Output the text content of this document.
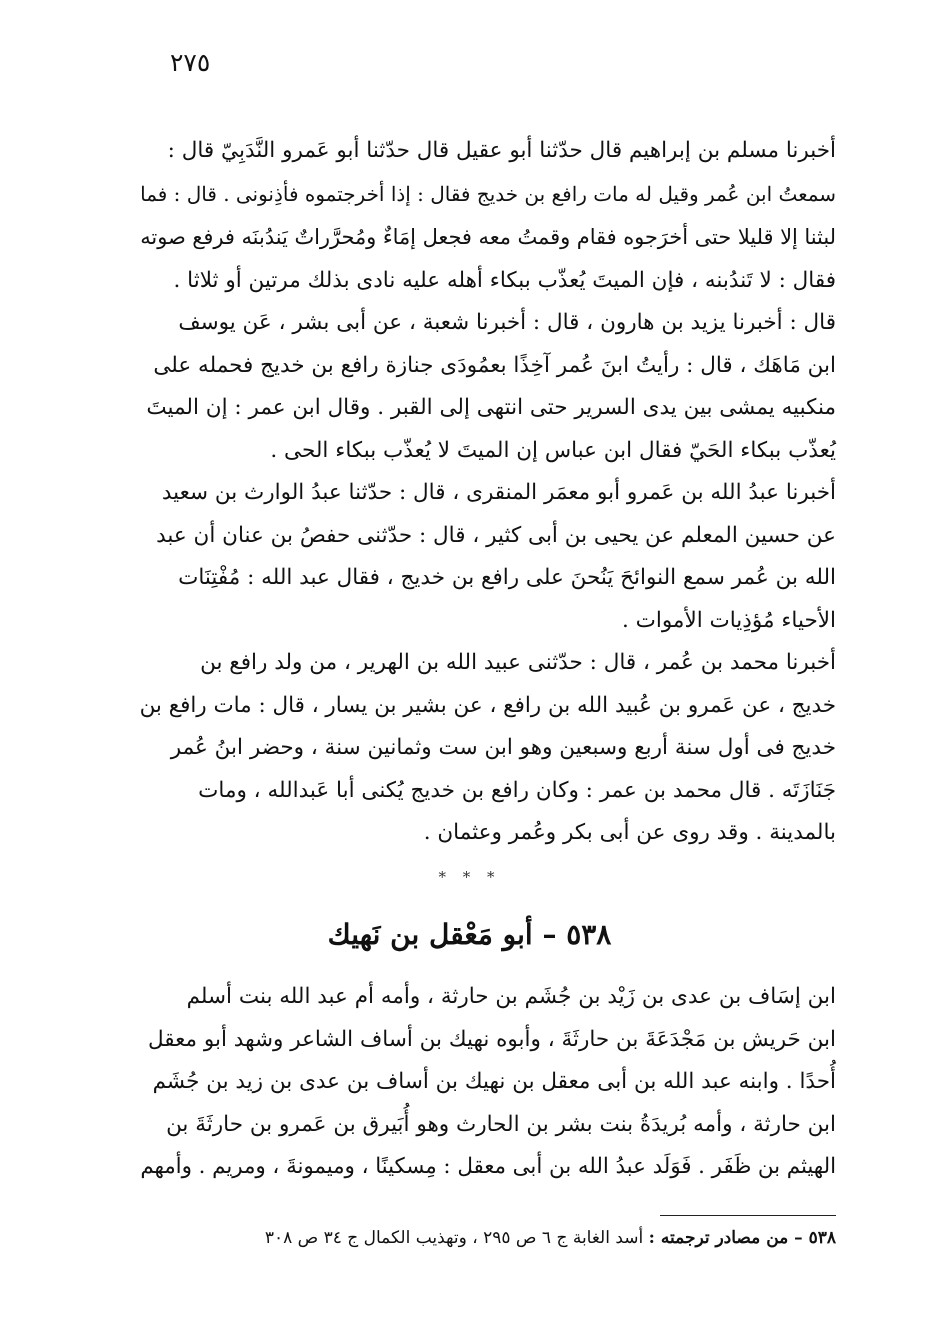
٢٧٥

أخبرنا مسلم بن إبراهيم قال حدّثنا أبو عقيل قال حدّثنا أبو عَمرو النَّدَبِيّ قال :
سمعتُ ابن عُمر وقيل له مات رافع بن خديج فقال : إذا أخرجتموه فأذِنونى . قال : فما
لبثنا إلا قليلا حتى أخرَجوه فقام وقمتُ معه فجعل إمَاءٌ ومُحرَّراتٌ يَندُبنَه فرفع صوته
فقال : لا تَندُبنه ، فإن الميتَ يُعذّب ببكاء أهله عليه نادى بذلك مرتين أو ثلاثا .

قال : أخبرنا يزيد بن هارون ، قال : أخبرنا شعبة ، عن أبى بشر ، عَن يوسف
ابن مَاهَك ، قال : رأيتُ ابنَ عُمر آخِذًا بعمُودَى جنازة رافع بن خديج فحمله على
منكبيه يمشى بين يدى السرير حتى انتهى إلى القبر . وقال ابن عمر : إن الميتَ
يُعذّب ببكاء الحَيّ فقال ابن عباس إن الميتَ لا يُعذّب ببكاء الحى .

أخبرنا عبدُ الله بن عَمرو أبو معمَر المنقرى ، قال : حدّثنا عبدُ الوارث بن سعيد
عن حسين المعلم عن يحيى بن أبى كثير ، قال : حدّثنى حفصُ بن عنان أن عبد
الله بن عُمر سمع النوائحَ يَنُحنَ على رافع بن خديج ، فقال عبد الله : مُفْتِنَات
الأحياء مُؤذِيات الأموات .

أخبرنا محمد بن عُمر ، قال : حدّثنى عبيد الله بن الهرير ، من ولد رافع بن
خديج ، عن عَمرو بن عُبيد الله بن رافع ، عن بشير بن يسار ، قال : مات رافع بن
خديج فى أول سنة أربع وسبعين وهو ابن ست وثمانين سنة ، وحضر ابنُ عُمر
جَنَازَتَه . قال محمد بن عمر : وكان رافع بن خديج يُكنى أبا عَبدالله ، ومات
بالمدينة . وقد روى عن أبى بكر وعُمر وعثمان .

* * *
٥٣٨ – أبو مَعْقل بن نَهيك

ابن إسَاف بن عدى بن زَيْد بن جُشَم بن حارثة ، وأمه أم عبد الله بنت أسلم
ابن حَريش بن مَجْدَعَةَ بن حارثَةَ ، وأبوه نهيك بن أساف الشاعر وشهد أبو معقل
أُحدًا . وابنه عبد الله بن أبى معقل بن نهيك بن أساف بن عدى بن زيد بن جُشَم
ابن حارثة ، وأمه بُريدَةُ بنت بشر بن الحارث وهو أُبَيرق بن عَمرو بن حارثَةَ بن
الهيثم بن ظَفَر . فَوَلَد عبدُ الله بن أبى معقل : مِسكينًا ، وميمونةَ ، ومريم . وأمهم

٥٣٨ – من مصادر ترجمته : أسد الغابة ج ٦ ص ٢٩٥ ، وتهذيب الكمال ج ٣٤ ص ٣٠٨
